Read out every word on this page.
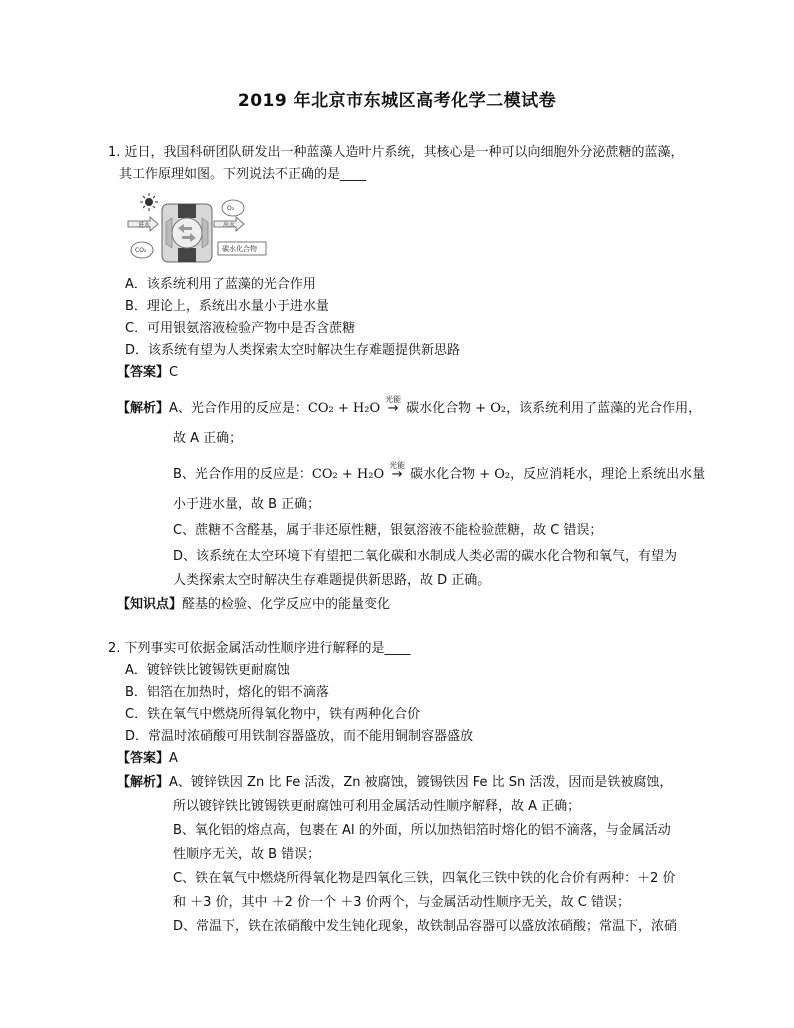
2019 年北京市东城区高考化学二模试卷
1. 近日，我国科研团队研发出一种蓝藻人造叶片系统，其核心是一种可以向细胞外分泌蔗糖的蓝藻，
其工作原理如图。下列说法不正确的是____
进水
CO₂
O₂
出水
碳水化合物
A．该系统利用了蓝藻的光合作用
B．理论上，系统出水量小于进水量
C．可用银氨溶液检验产物中是否含蔗糖
D．该系统有望为人类探索太空时解决生存难题提供新思路
【答案】C
【解析】A、光合作用的反应是：CO₂ + H₂O
光能
→ 碳水化合物 + O₂，该系统利用了蓝藻的光合作用，
故 A 正确；
B、光合作用的反应是：CO₂ + H₂O
光能
→ 碳水化合物 + O₂，反应消耗水，理论上系统出水量
小于进水量，故 B 正确；
C、蔗糖不含醛基，属于非还原性糖，银氨溶液不能检验蔗糖，故 C 错误；
D、该系统在太空环境下有望把二氧化碳和水制成人类必需的碳水化合物和氧气，有望为
人类探索太空时解决生存难题提供新思路，故 D 正确。
【知识点】醛基的检验、化学反应中的能量变化
2. 下列事实可依据金属活动性顺序进行解释的是____
A．镀锌铁比镀锡铁更耐腐蚀
B．铝箔在加热时，熔化的铝不滴落
C．铁在氧气中燃烧所得氧化物中，铁有两种化合价
D．常温时浓硝酸可用铁制容器盛放，而不能用铜制容器盛放
【答案】A
【解析】A、镀锌铁因 Zn 比 Fe 活泼，Zn 被腐蚀，镀锡铁因 Fe 比 Sn 活泼，因而是铁被腐蚀，
所以镀锌铁比镀锡铁更耐腐蚀可利用金属活动性顺序解释，故 A 正确；
B、氧化铝的熔点高，包裹在 Al 的外面，所以加热铝箔时熔化的铝不滴落，与金属活动
性顺序无关，故 B 错误；
C、铁在氧气中燃烧所得氧化物是四氧化三铁，四氧化三铁中铁的化合价有两种：＋2 价
和 ＋3 价，其中 ＋2 价一个 ＋3 价两个，与金属活动性顺序无关，故 C 错误；
D、常温下，铁在浓硝酸中发生钝化现象，故铁制品容器可以盛放浓硝酸；常温下，浓硝
